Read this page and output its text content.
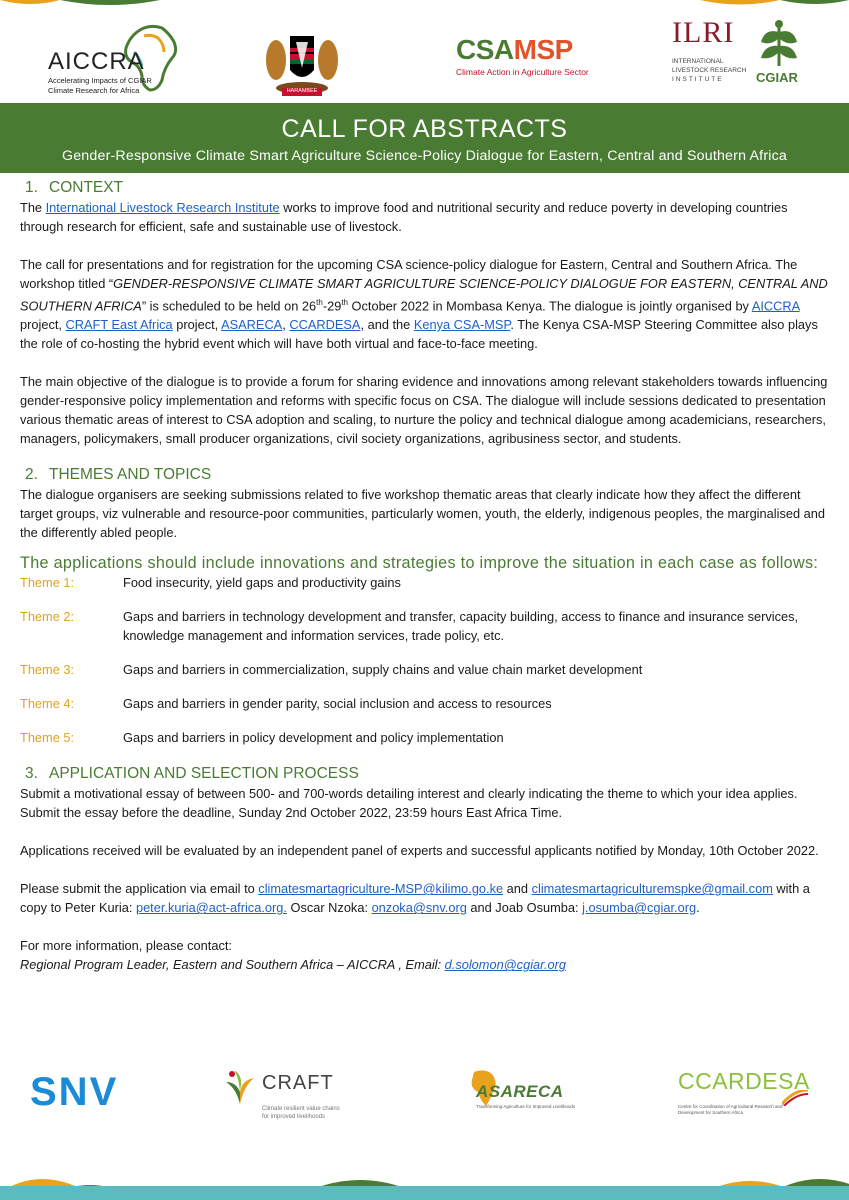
AICCRA
Accelerating Impacts of CGIAR
Climate Research for Africa	HARAMBEE
CSAMSP
Climate Action in Agriculture Sector
ILRI
INTERNATIONAL
LIVESTOCK RESEARCH
INSTITUTE CGIAR
CALL FOR ABSTRACTS
Gender-Responsive Climate Smart Agriculture Science-Policy Dialogue for Eastern, Central and Southern Africa
1. CONTEXT

The International Livestock Research Institute works to improve food and nutritional security and reduce poverty in developing countries through research for efficient, safe and sustainable use of livestock.

The call for presentations and for registration for the upcoming CSA science-policy dialogue for Eastern, Central and Southern Africa. The workshop titled “GENDER-RESPONSIVE CLIMATE SMART AGRICULTURE SCIENCE-POLICY DIALOGUE FOR EASTERN, CENTRAL AND SOUTHERN AFRICA” is scheduled to be held on 26th-29th October 2022 in Mombasa Kenya. The dialogue is jointly organised by AICCRA project, CRAFT East Africa project, ASARECA, CCARDESA, and the Kenya CSA-MSP. The Kenya CSA-MSP Steering Committee also plays the role of co-hosting the hybrid event which will have both virtual and face-to-face meeting.

The main objective of the dialogue is to provide a forum for sharing evidence and innovations among relevant stakeholders towards influencing gender-responsive policy implementation and reforms with specific focus on CSA. The dialogue will include sessions dedicated to presentation various thematic areas of interest to CSA adoption and scaling, to nurture the policy and technical dialogue among academicians, researchers, managers, policymakers, small producer organizations, civil society organizations, agribusiness sector, and students.

2. THEMES AND TOPICS

The dialogue organisers are seeking submissions related to five workshop thematic areas that clearly indicate how they affect the different target groups, viz vulnerable and resource-poor communities, particularly women, youth, the elderly, indigenous peoples, the marginalised and the differently abled people.

The applications should include innovations and strategies to improve the situation in each case as follows:
Theme 1:	Food insecurity, yield gaps and productivity gains
Theme 2:	Gaps and barriers in technology development and transfer, capacity building, access to finance and insurance services, knowledge management and information services, trade policy, etc.
Theme 3:	Gaps and barriers in commercialization, supply chains and value chain market development
Theme 4:	Gaps and barriers in gender parity, social inclusion and access to resources
Theme 5:	Gaps and barriers in policy development and policy implementation
3. APPLICATION AND SELECTION PROCESS

Submit a motivational essay of between 500- and 700-words detailing interest and clearly indicating the theme to which your idea applies. Submit the essay before the deadline, Sunday 2nd October 2022, 23:59 hours East Africa Time.

Applications received will be evaluated by an independent panel of experts and successful applicants notified by Monday, 10th October 2022.

Please submit the application via email to climatesmartagriculture-MSP@kilimo.go.ke and climatesmartagriculturemspke@gmail.com with a copy to Peter Kuria: peter.kuria@act-africa.org. Oscar Nzoka: onzoka@snv.org and Joab Osumba: j.osumba@cgiar.org.

For more information, please contact:

Regional Program Leader, Eastern and Southern Africa – AICCRA , Email: d.solomon@cgiar.org

SNV	CRAFT
Climate resilient value chains
for improved livelihoods
ASARECA
Transforming Agriculture for Improved Livelihoods
CCARDESA
Centre for Coordination of Agricultural Research and Development for Southern Africa
